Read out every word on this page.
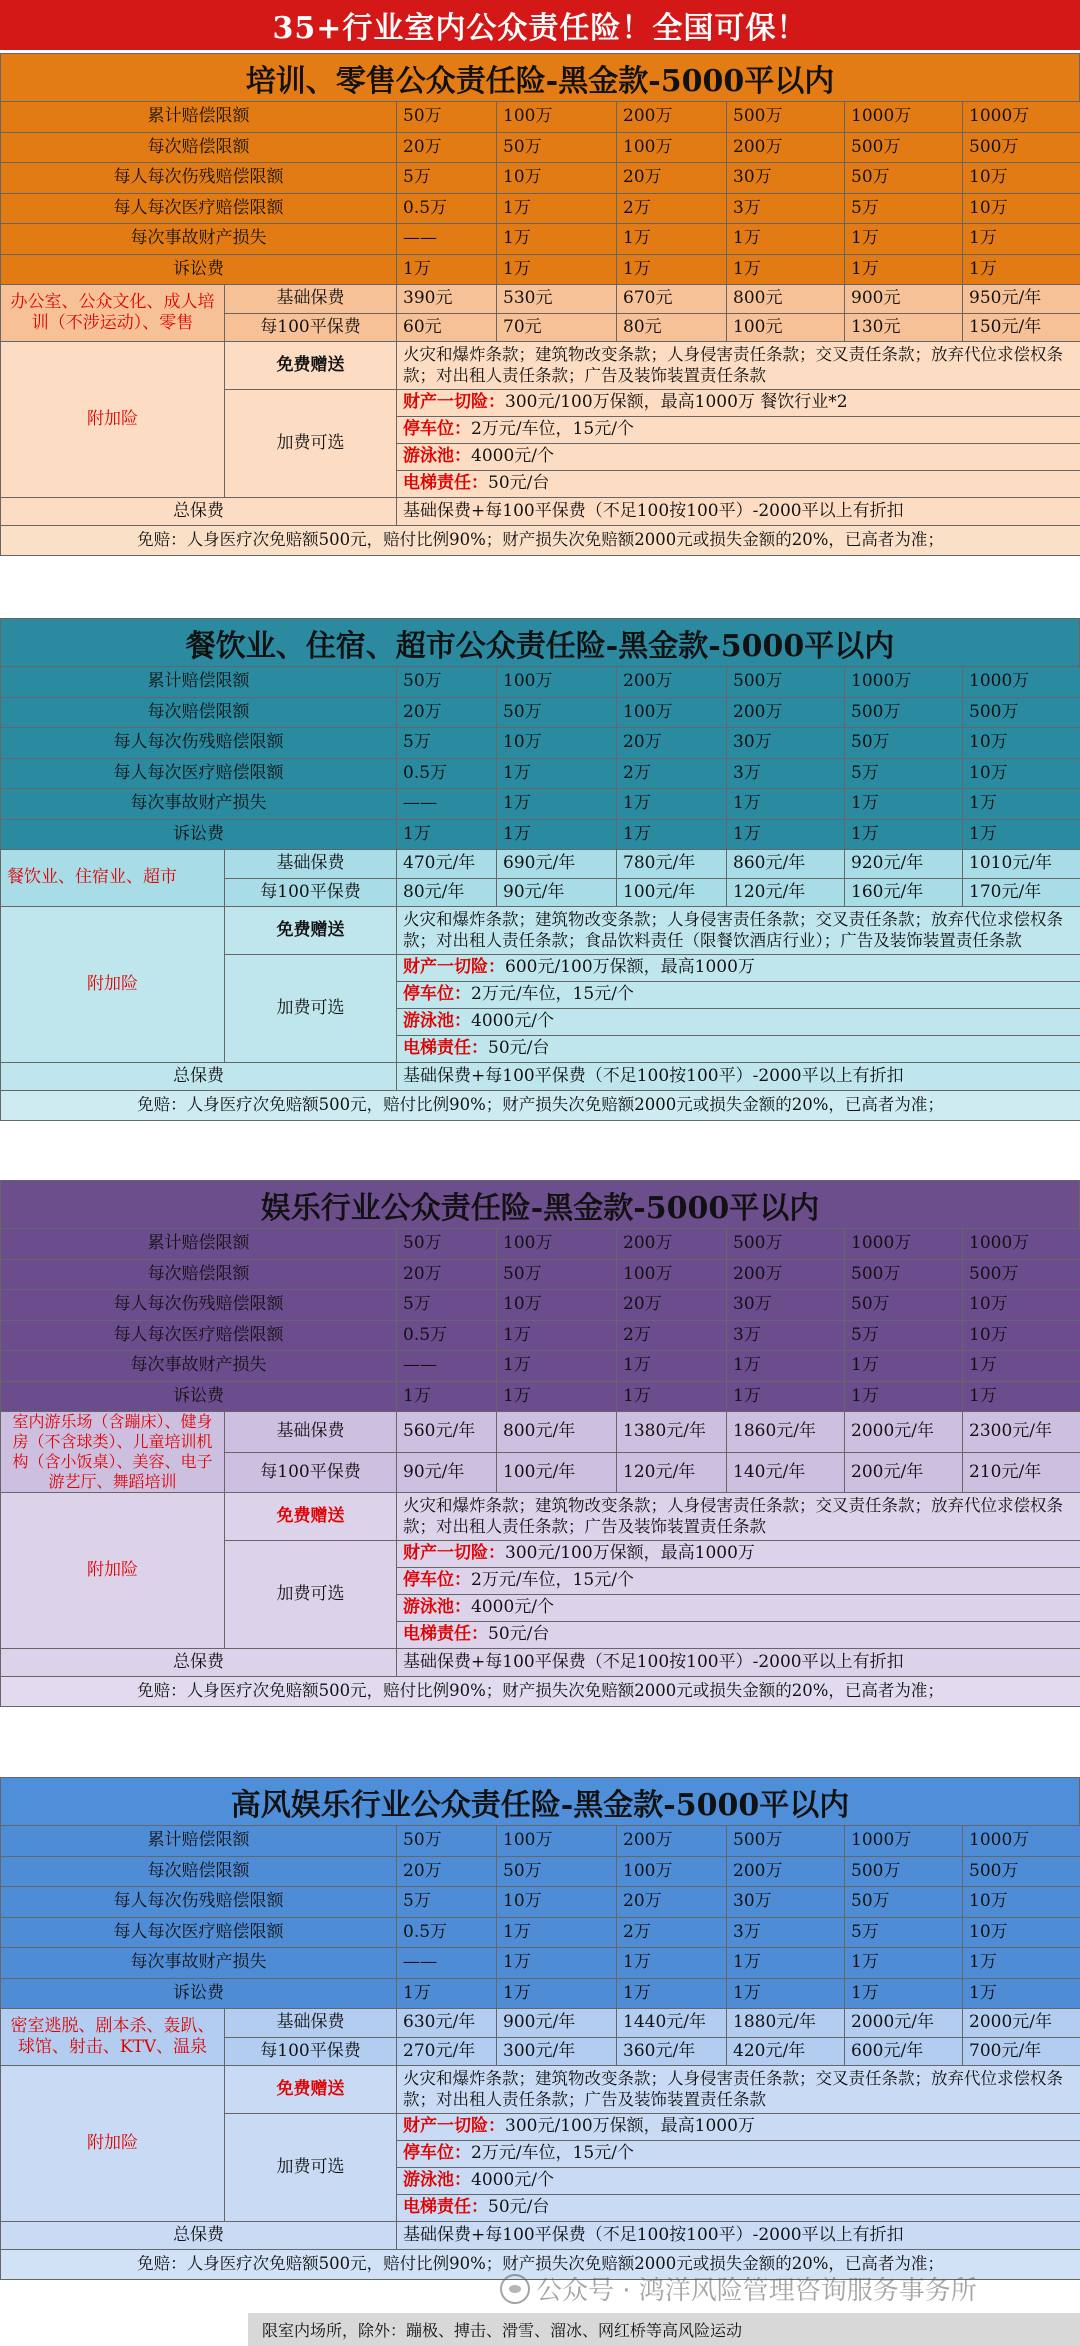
35+行业室内公众责任险！全国可保！
培训、零售公众责任险-黑金款-5000平以内
累计赔偿限额		50万	100万	200万	500万	1000万	1000万
每次赔偿限额		20万	50万	100万	200万	500万	500万
每人每次伤残赔偿限额		5万	10万	20万	30万	50万	10万
每人每次医疗赔偿限额		0.5万	1万	2万	3万	5万	10万
每次事故财产损失		——	1万	1万	1万	1万	1万
诉讼费		1万	1万	1万	1万	1万	1万
办公室、公众文化、成人培训（不涉运动）、零售	基础保费	390元	530元	670元	800元	900元	950元/年
	每100平保费	60元	70元	80元	100元	130元	150元/年
附加险	免费赠送	火灾和爆炸条款；建筑物改变条款；人身侵害责任条款；交叉责任条款；放弃代位求偿权条款；对出租人责任条款；广告及装饰装置责任条款					
	加费可选	财产一切险：300元/100万保额，最高1000万 餐饮行业*2					
		停车位：2万元/车位，15元/个					
		游泳池：4000元/个					
		电梯责任：50元/台					
总保费		基础保费+每100平保费（不足100按100平）-2000平以上有折扣					
免赔：人身医疗次免赔额500元，赔付比例90%；财产损失次免赔额2000元或损失金额的20%，已高者为准；							
餐饮业、住宿、超市公众责任险-黑金款-5000平以内
累计赔偿限额		50万	100万	200万	500万	1000万	1000万
每次赔偿限额		20万	50万	100万	200万	500万	500万
每人每次伤残赔偿限额		5万	10万	20万	30万	50万	10万
每人每次医疗赔偿限额		0.5万	1万	2万	3万	5万	10万
每次事故财产损失		——	1万	1万	1万	1万	1万
诉讼费		1万	1万	1万	1万	1万	1万
餐饮业、住宿业、超市	基础保费	470元/年	690元/年	780元/年	860元/年	920元/年	1010元/年
	每100平保费	80元/年	90元/年	100元/年	120元/年	160元/年	170元/年
附加险	免费赠送	火灾和爆炸条款；建筑物改变条款；人身侵害责任条款；交叉责任条款；放弃代位求偿权条款；对出租人责任条款；食品饮料责任（限餐饮酒店行业）；广告及装饰装置责任条款					
	加费可选	财产一切险：600元/100万保额，最高1000万					
		停车位：2万元/车位，15元/个					
		游泳池：4000元/个					
		电梯责任：50元/台					
总保费		基础保费+每100平保费（不足100按100平）-2000平以上有折扣					
免赔：人身医疗次免赔额500元，赔付比例90%；财产损失次免赔额2000元或损失金额的20%，已高者为准；							
娱乐行业公众责任险-黑金款-5000平以内
累计赔偿限额		50万	100万	200万	500万	1000万	1000万
每次赔偿限额		20万	50万	100万	200万	500万	500万
每人每次伤残赔偿限额		5万	10万	20万	30万	50万	10万
每人每次医疗赔偿限额		0.5万	1万	2万	3万	5万	10万
每次事故财产损失		——	1万	1万	1万	1万	1万
诉讼费		1万	1万	1万	1万	1万	1万
室内游乐场（含蹦床）、健身房（不含球类）、儿童培训机构（含小饭桌）、美容、电子游艺厅、舞蹈培训	基础保费	560元/年	800元/年	1380元/年	1860元/年	2000元/年	2300元/年
	每100平保费	90元/年	100元/年	120元/年	140元/年	200元/年	210元/年
附加险	免费赠送	火灾和爆炸条款；建筑物改变条款；人身侵害责任条款；交叉责任条款；放弃代位求偿权条款；对出租人责任条款；广告及装饰装置责任条款					
	加费可选	财产一切险：300元/100万保额，最高1000万					
		停车位：2万元/车位，15元/个					
		游泳池：4000元/个					
		电梯责任：50元/台					
总保费		基础保费+每100平保费（不足100按100平）-2000平以上有折扣					
免赔：人身医疗次免赔额500元，赔付比例90%；财产损失次免赔额2000元或损失金额的20%，已高者为准；							
高风娱乐行业公众责任险-黑金款-5000平以内
累计赔偿限额		50万	100万	200万	500万	1000万	1000万
每次赔偿限额		20万	50万	100万	200万	500万	500万
每人每次伤残赔偿限额		5万	10万	20万	30万	50万	10万
每人每次医疗赔偿限额		0.5万	1万	2万	3万	5万	10万
每次事故财产损失		——	1万	1万	1万	1万	1万
诉讼费		1万	1万	1万	1万	1万	1万
密室逃脱、剧本杀、轰趴、球馆、射击、KTV、温泉	基础保费	630元/年	900元/年	1440元/年	1880元/年	2000元/年	2000元/年
	每100平保费	270元/年	300元/年	360元/年	420元/年	600元/年	700元/年
附加险	免费赠送	火灾和爆炸条款；建筑物改变条款；人身侵害责任条款；交叉责任条款；放弃代位求偿权条款；对出租人责任条款；广告及装饰装置责任条款					
	加费可选	财产一切险：300元/100万保额，最高1000万					
		停车位：2万元/车位，15元/个					
		游泳池：4000元/个					
		电梯责任：50元/台					
总保费		基础保费+每100平保费（不足100按100平）-2000平以上有折扣					
免赔：人身医疗次免赔额500元，赔付比例90%；财产损失次免赔额2000元或损失金额的20%，已高者为准；							
公众号 · 鸿洋风险管理咨询服务事务所
限室内场所，除外：蹦极、搏击、滑雪、溜冰、网红桥等高风险运动
